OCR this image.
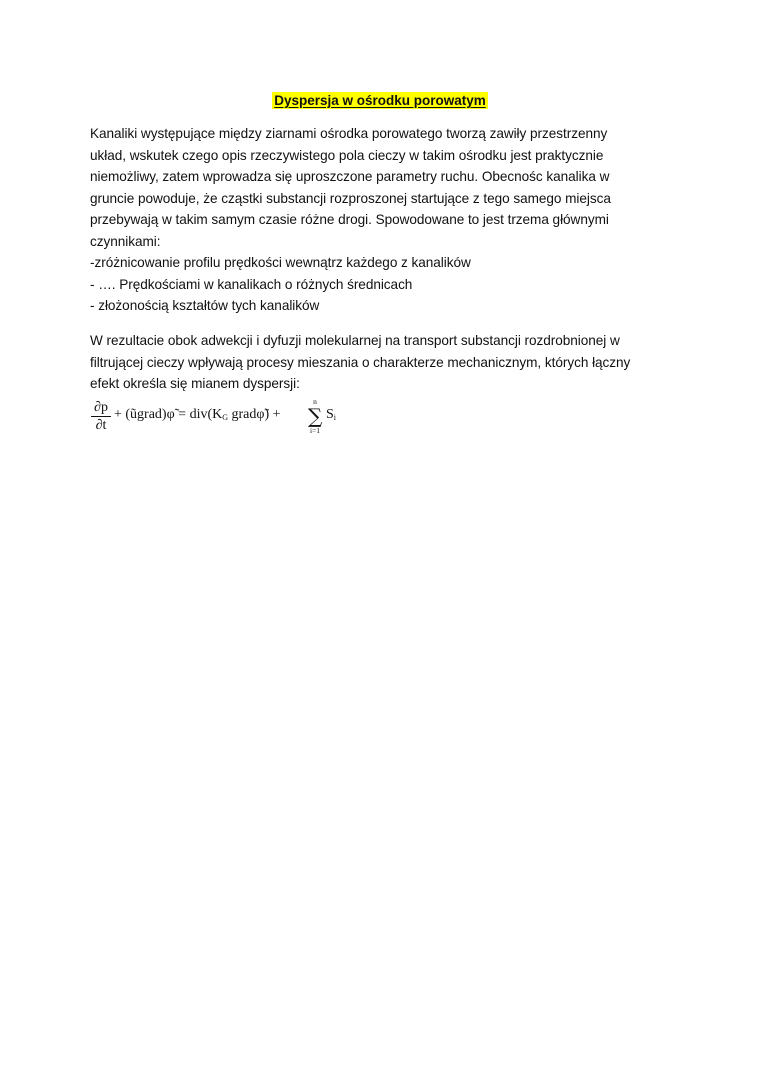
Dyspersja w ośrodku porowatym
Kanaliki występujące między ziarnami ośrodka porowatego tworzą zawiły przestrzenny
układ, wskutek czego opis rzeczywistego pola cieczy w takim ośrodku jest praktycznie
niemożliwy, zatem wprowadza się uproszczone parametry ruchu. Obecnośc kanalika w
gruncie powoduje, że cząstki substancji rozproszonej startujące z tego samego miejsca
przebywają w takim samym czasie różne drogi. Spowodowane to jest trzema głównymi
czynnikami:
-zróżnicowanie profilu prędkości wewnątrz każdego z kanalików
- …. Prędkościami w kanalikach o różnych średnicach
- złożonością kształtów tych kanalików
W rezultacie obok adwekcji i dyfuzji molekularnej na transport substancji rozdrobnionej w
filtrującej cieczy wpływają procesy mieszania o charakterze mechanicznym, których łączny
efekt określa się mianem dyspersji:
∂p
∂t
+ (ũgrad)φ̃ = $div(K_G$ gradφ̃) +
n
∑
i=1
$S_i$
